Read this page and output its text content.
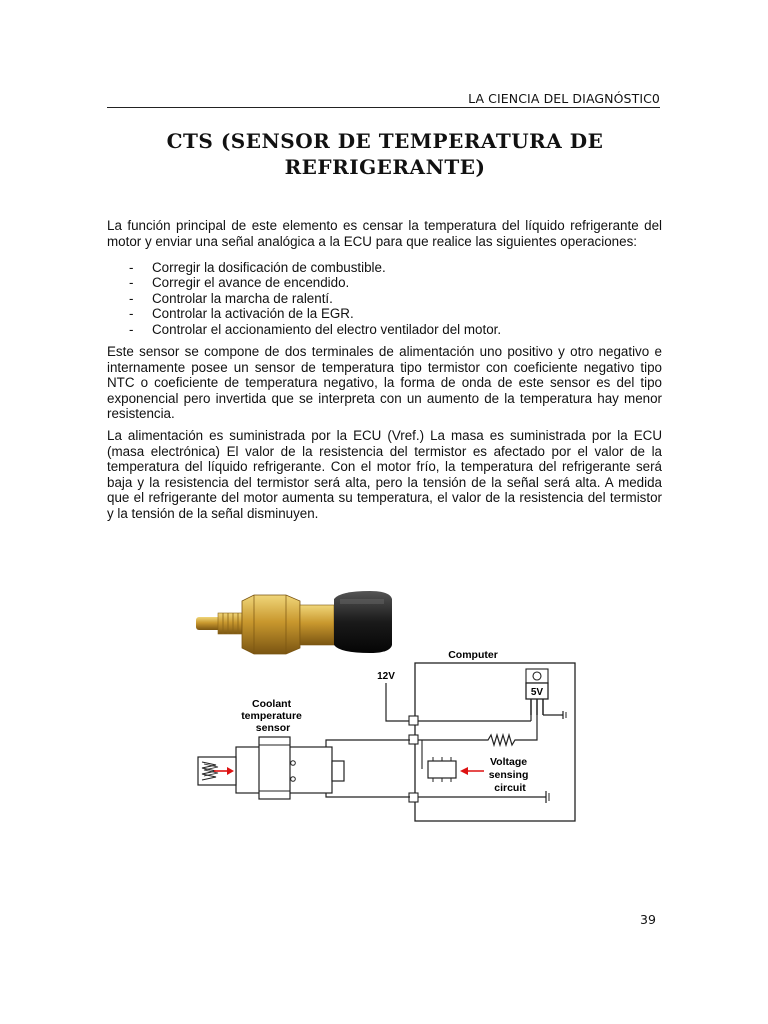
LA CIENCIA DEL DIAGNÓSTIC0
CTS (SENSOR DE TEMPERATURA DE
REFRIGERANTE)
La función principal de este elemento es censar la temperatura del líquido refrigerante del motor y enviar una señal analógica a la ECU para que realice las siguientes operaciones:
- Corregir la dosificación de combustible.
- Corregir el avance de encendido.
- Controlar la marcha de ralentí.
- Controlar la activación de la EGR.
- Controlar el accionamiento del electro ventilador del motor.
Este sensor se compone de dos terminales de alimentación uno positivo y otro negativo e internamente posee un sensor de temperatura tipo termistor con coeficiente negativo tipo NTC o coeficiente de temperatura negativo, la forma de onda de este sensor es del tipo exponencial pero invertida que se interpreta con un aumento de la temperatura hay menor resistencia.
La alimentación es suministrada por la ECU (Vref.) La masa es suministrada por la ECU (masa electrónica) El valor de la resistencia del termistor es afectado por el valor de la temperatura del líquido refrigerante. Con el motor frío, la temperatura del refrigerante será baja y la resistencia del termistor será alta, pero la tensión de la señal será alta. A medida que el refrigerante del motor aumenta su temperatura, el valor de la resistencia del termistor y la tensión de la señal disminuyen.
Computer
12V
5V
Voltage sensing circuit
Coolant temperature sensor
39
